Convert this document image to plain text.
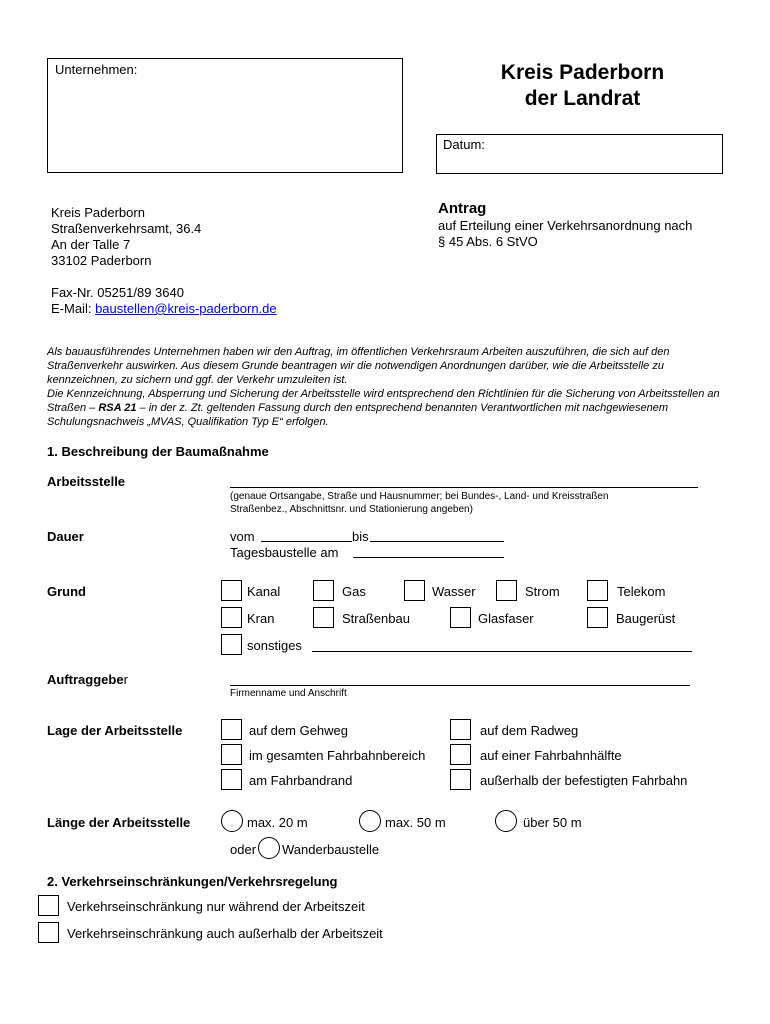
Unternehmen:	Kreis Paderborn
der Landrat
Datum:
Kreis Paderborn
Straßenverkehrsamt, 36.4
An der Talle 7
33102 Paderborn
Fax-Nr. 05251/89 3640
E-Mail: baustellen@kreis-paderborn.de
Antrag
auf Erteilung einer Verkehrsanordnung nach
§ 45 Abs. 6 StVO

Als bauausführendes Unternehmen haben wir den Auftrag, im öffentlichen Verkehrsraum Arbeiten auszuführen, die sich auf den Straßenverkehr auswirken. Aus diesem Grunde beantragen wir die notwendigen Anordnungen darüber, wie die Arbeitsstelle zu kennzeichnen, zu sichern und ggf. der Verkehr umzuleiten ist.

Die Kennzeichnung, Absperrung und Sicherung der Arbeitsstelle wird entsprechend den Richtlinien für die Sicherung von Arbeitsstellen an Straßen – RSA 21 – in der z. Zt. geltenden Fassung durch den entsprechend benannten Verantwortlichen mit nachgewiesenem Schulungsnachweis „MVAS, Qualifikation Typ E“ erfolgen.

1. Beschreibung der Baumaßnahme
Arbeitsstelle
(genaue Ortsangabe, Straße und Hausnummer; bei Bundes-, Land- und Kreisstraßen
Straßenbez., Abschnittsnr. und Stationierung angeben)
Dauer	vom	bis
Tagesbaustelle am
Grund	Kanal	Gas	Wasser	Strom	Telekom
Kran	Straßenbau	Glasfaser	Baugerüst
sonstiges
Auftraggeber
Firmenname und Anschrift
Lage der Arbeitsstelle	auf dem Gehweg	auf dem Radweg
im gesamten Fahrbahnbereich	auf einer Fahrbahnhälfte
am Fahrbandrand	außerhalb der befestigten Fahrbahn
Länge der Arbeitsstelle	max. 20 m	max. 50 m	über 50 m
oder Wanderbaustelle
2. Verkehrseinschränkungen/Verkehrsregelung
Verkehrseinschränkung nur während der Arbeitszeit
Verkehrseinschränkung auch außerhalb der Arbeitszeit
